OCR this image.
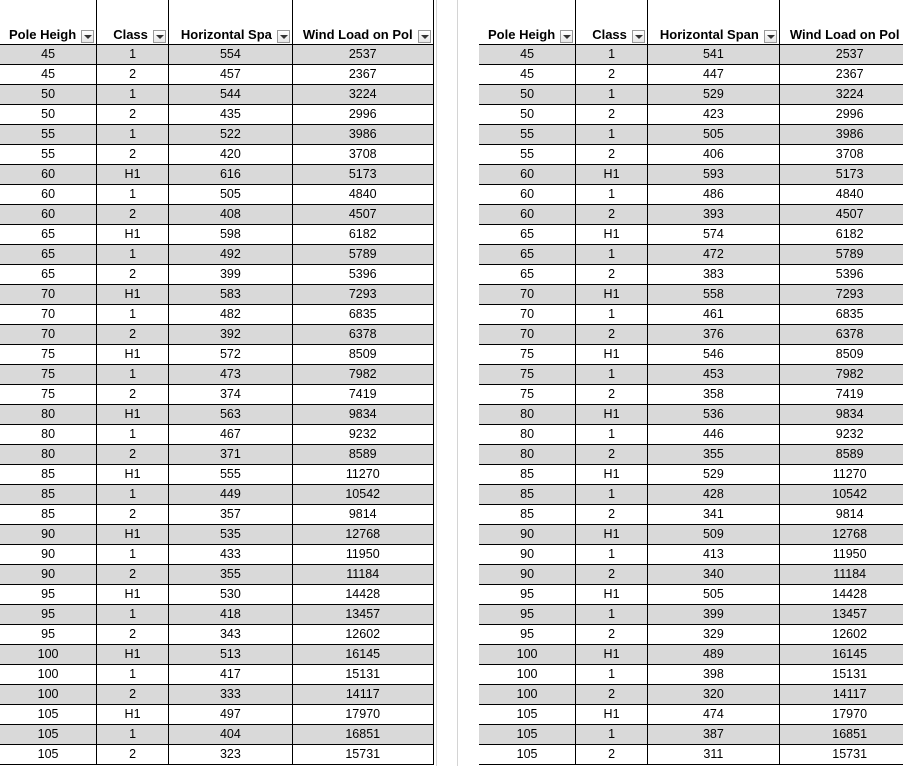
Pole Heigh	Class	Horizontal Spa	Wind Load on Pol

45	1	554	2537
45	2	457	2367
50	1	544	3224
50	2	435	2996
55	1	522	3986
55	2	420	3708
60	H1	616	5173
60	1	505	4840
60	2	408	4507
65	H1	598	6182
65	1	492	5789
65	2	399	5396
70	H1	583	7293
70	1	482	6835
70	2	392	6378
75	H1	572	8509
75	1	473	7982
75	2	374	7419
80	H1	563	9834
80	1	467	9232
80	2	371	8589
85	H1	555	11270
85	1	449	10542
85	2	357	9814
90	H1	535	12768
90	1	433	11950
90	2	355	11184
95	H1	530	14428
95	1	418	13457
95	2	343	12602
100	H1	513	16145
100	1	417	15131
100	2	333	14117
105	H1	497	17970
105	1	404	16851
105	2	323	15731
Pole Heigh	Class	Horizontal Span	Wind Load on Pol

45	1	541	2537
45	2	447	2367
50	1	529	3224
50	2	423	2996
55	1	505	3986
55	2	406	3708
60	H1	593	5173
60	1	486	4840
60	2	393	4507
65	H1	574	6182
65	1	472	5789
65	2	383	5396
70	H1	558	7293
70	1	461	6835
70	2	376	6378
75	H1	546	8509
75	1	453	7982
75	2	358	7419
80	H1	536	9834
80	1	446	9232
80	2	355	8589
85	H1	529	11270
85	1	428	10542
85	2	341	9814
90	H1	509	12768
90	1	413	11950
90	2	340	11184
95	H1	505	14428
95	1	399	13457
95	2	329	12602
100	H1	489	16145
100	1	398	15131
100	2	320	14117
105	H1	474	17970
105	1	387	16851
105	2	311	15731
